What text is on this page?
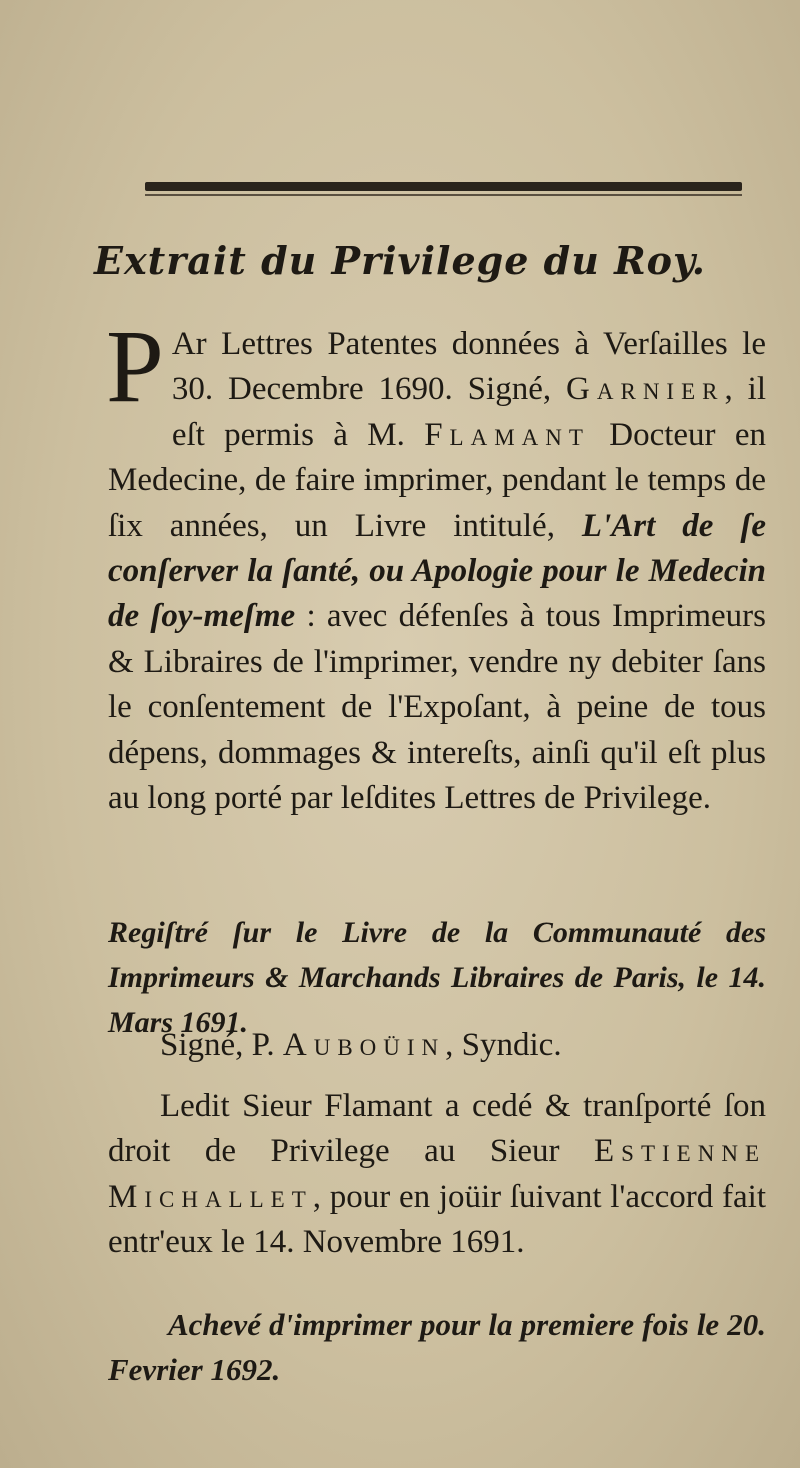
Extrait du Privilege du Roy.

P Ar Lettres Patentes données à Verſailles le 30. Decembre 1690. Signé, Garnier, il eſt permis à M. Flamant Docteur en Medecine, de faire imprimer, pendant le temps de ſix années, un Livre intitulé, L'Art de ſe conſerver la ſanté, ou Apologie pour le Medecin de ſoy-meſme : avec défenſes à tous Imprimeurs & Libraires de l'imprimer, vendre ny debiter ſans le conſentement de l'Expoſant, à peine de tous dépens, dommages & intereſts, ainſi qu'il eſt plus au long porté par leſdites Lettres de Privilege.

Regiſtré ſur le Livre de la Communauté des Imprimeurs & Marchands Libraires de Paris, le 14. Mars 1691.

Signé, P. Auboüin, Syndic.

Ledit Sieur Flamant a cedé & tranſporté ſon droit de Privilege au Sieur Estienne Michallet, pour en joüir ſuivant l'accord fait entr'eux le 14. Novembre 1691.

Achevé d'imprimer pour la premiere fois le 20. Fevrier 1692.
